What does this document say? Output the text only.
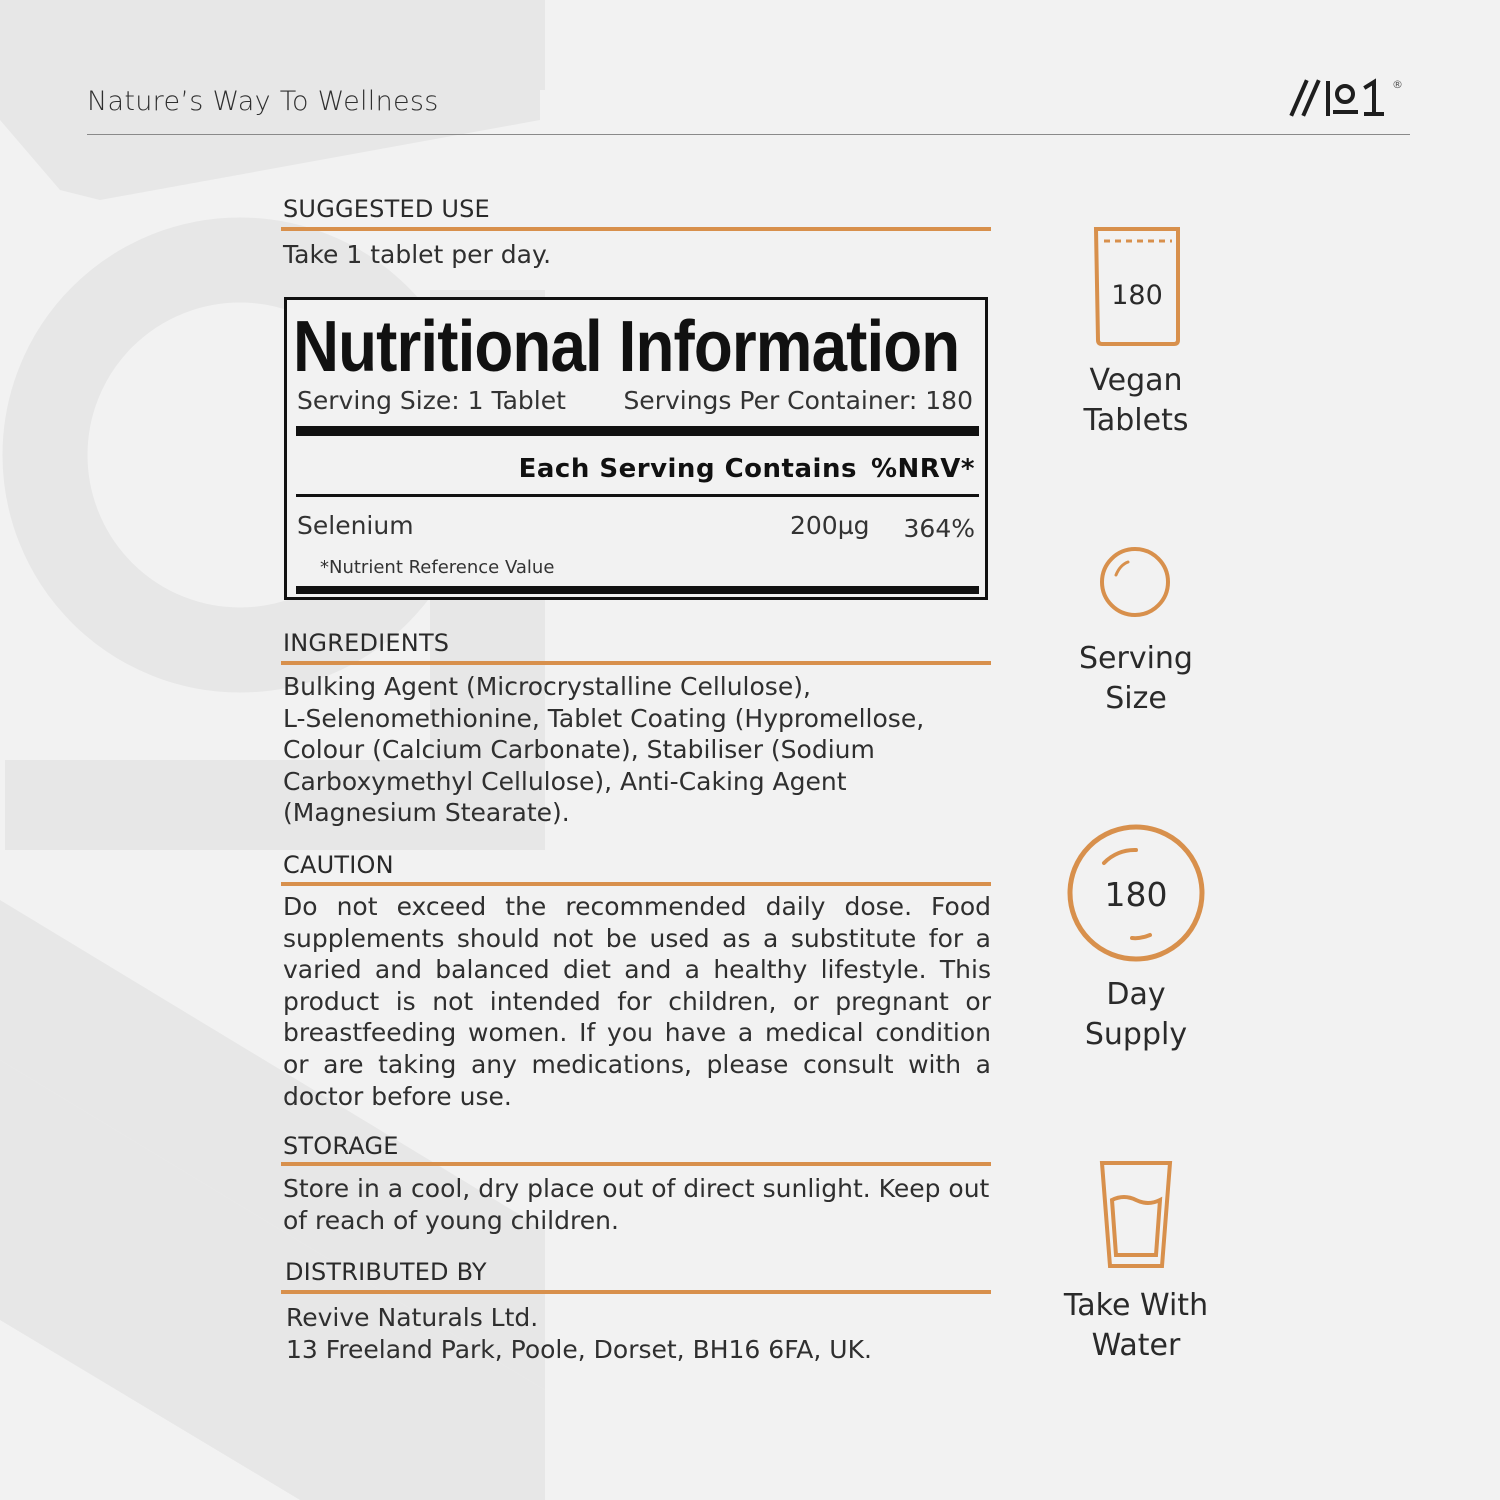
Nature’s Way To Wellness
®
SUGGESTED USE
Take 1 tablet per day.
Nutritional Information
Serving Size: 1 Tablet Servings Per Container: 180
Each Serving Contains %NRV*
Selenium	200µg 364%
*Nutrient Reference Value
INGREDIENTS
Bulking Agent (Microcrystalline Cellulose),
L-Selenomethionine, Tablet Coating (Hypromellose,
Colour (Calcium Carbonate), Stabiliser (Sodium
Carboxymethyl Cellulose), Anti-Caking Agent
(Magnesium Stearate).
CAUTION
Do not exceed the recommended daily dose. Food supplements should not be used as a substitute for a varied and balanced diet and a healthy lifestyle. This product is not intended for children, or pregnant or breastfeeding women. If you have a medical condition or are taking any medications, please consult with a doctor before use.
STORAGE
Store in a cool, dry place out of direct sunlight. Keep out of reach of young children.
DISTRIBUTED BY
Revive Naturals Ltd.
13 Freeland Park, Poole, Dorset, BH16 6FA, UK.
180
Vegan
Tablets
Serving
Size
180
Day
Supply
Take With
Water
